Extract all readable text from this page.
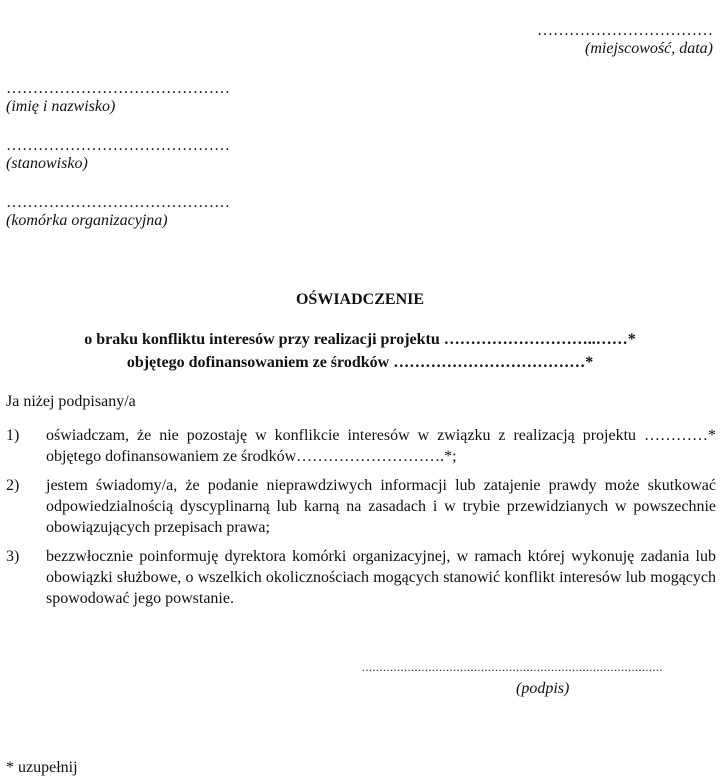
……………………………
(miejscowość, data)
……………………………………
(imię i nazwisko)
……………………………………
(stanowisko)
……………………………………
(komórka organizacyjna)
OŚWIADCZENIE
o braku konfliktu interesów przy realizacji projektu ………………………..……*
objętego dofinansowaniem ze środków ………………………………*
Ja niżej podpisany/a
1) oświadczam, że nie pozostaję w konflikcie interesów w związku z realizacją projektu …………* objętego dofinansowaniem ze środków……………………….*;
2) jestem świadomy/a, że podanie nieprawdziwych informacji lub zatajenie prawdy może skutkować odpowiedzialnością dyscyplinarną lub karną na zasadach i w trybie przewidzianych w powszechnie obowiązujących przepisach prawa;
3) bezzwłocznie poinformuję dyrektora komórki organizacyjnej, w ramach której wykonuję zadania lub obowiązki służbowe, o wszelkich okolicznościach mogących stanowić konflikt interesów lub mogących spowodować jego powstanie.
......................................................................................
(podpis)
* uzupełnij
